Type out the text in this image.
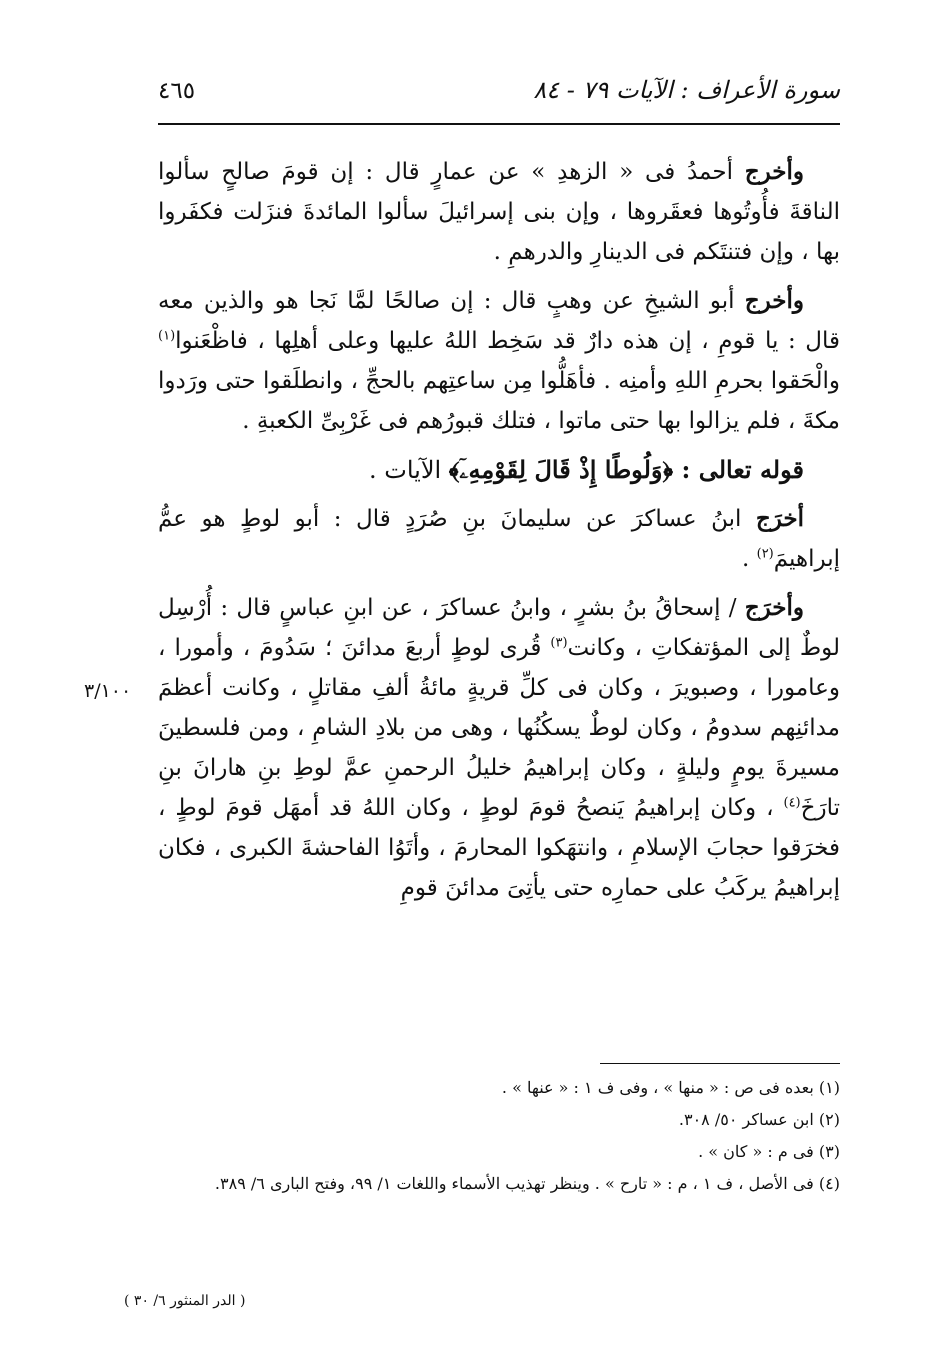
٤٦٥	سورة الأعراف : الآيات ٧٩ - ٨٤

وأخرج أحمدُ فى « الزهدِ » عن عمارٍ قال : إن قومَ صالحٍ سألوا الناقةَ فأُوتُوها فعقَروها ، وإن بنى إسرائيلَ سألوا المائدةَ فنزَلت فكفَروا بها ، وإن فتنتَكم فى الدينارِ والدرهمِ .

وأخرج أبو الشيخِ عن وهبٍ قال : إن صالحًا لمَّا نَجا هو والذين معه قال : يا قومِ ، إن هذه دارٌ قد سَخِط اللهُ عليها وعلى أهلِها ، فاظْعَنوا$^{(١)}$ والْحَقوا بحرمِ اللهِ وأمنِه . فأهَلُّوا مِن ساعتِهم بالحجِّ ، وانطلَقوا حتى ورَدوا مكةَ ، فلم يزالوا بها حتى ماتوا ، فتلك قبورُهم فى غَرْبِىِّ الكعبةِ .

قوله تعالى : ﴿وَلُوطًا إِذْ قَالَ لِقَوْمِهِۦٓ﴾ الآيات .

أخرَج ابنُ عساكرَ عن سليمانَ بنِ صُرَدٍ قال : أبو لوطٍ هو عمُّ إبراهيمَ$^{(٢)}$ .

وأخرَج / إسحاقُ بنُ بشرٍ ، وابنُ عساكرَ ، عن ابنِ عباسٍ قال : أُرْسِل لوطٌ إلى المؤتفكاتِ ، وكانت$^{(٣)}$ قُرى لوطٍ أربعَ مدائنَ ؛ سَدُومَ ، وأمورا ، وعامورا ، وصبويرَ ، وكان فى كلِّ قريةٍ مائةُ ألفِ مقاتلٍ ، وكانت أعظمَ مدائنِهم سدومُ ، وكان لوطٌ يسكُنُها ، وهى من بلادِ الشامِ ، ومن فلسطينَ مسيرةَ يومٍ وليلةٍ ، وكان إبراهيمُ خليلُ الرحمنِ عمَّ لوطِ بنِ هارانَ بنِ تارَخَ$^{(٤)}$ ، وكان إبراهيمُ يَنصحُ قومَ لوطٍ ، وكان اللهُ قد أمهَل قومَ لوطٍ ، فخرَقوا حجابَ الإسلامِ ، وانتهَكوا المحارمَ ، وأتَوُا الفاحشةَ الكبرى ، فكان إبراهيمُ يركَبُ على حمارِه حتى يأتِىَ مدائنَ قومِ

٣/١٠٠

(١) بعده فى ص : « منها » ، وفى ف ١ : « عنها » .

(٢) ابن عساكر ٥٠/ ٣٠٨.

(٣) فى م : « كان » .

(٤) فى الأصل ، ف ١ ، م : « تارح » . وينظر تهذيب الأسماء واللغات ١/ ٩٩، وفتح البارى ٦/ ٣٨٩.

( الدر المنثور ٦/ ٣٠ )
